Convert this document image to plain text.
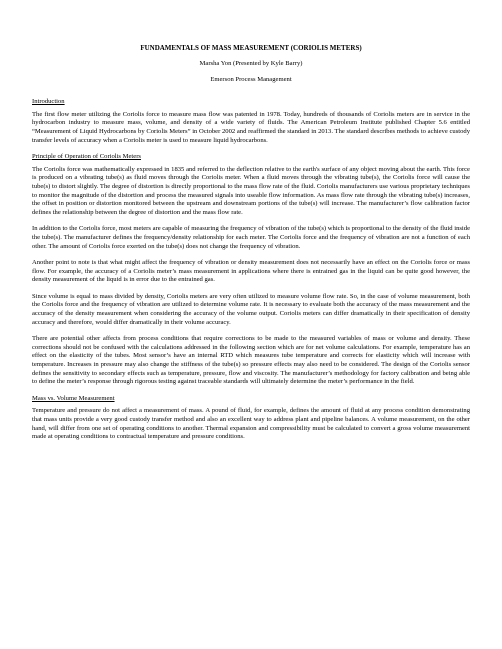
FUNDAMENTALS OF MASS MEASUREMENT (CORIOLIS METERS)
Marsha Yon (Presented by Kyle Barry)
Emerson Process Management
Introduction

The first flow meter utilizing the Coriolis force to measure mass flow was patented in 1978. Today, hundreds of thousands of Coriolis meters are in service in the hydrocarbon industry to measure mass, volume, and density of a wide variety of fluids. The American Petroleum Institute published Chapter 5.6 entitled “Measurement of Liquid Hydrocarbons by Coriolis Meters” in October 2002 and reaffirmed the standard in 2013. The standard describes methods to achieve custody transfer levels of accuracy when a Coriolis meter is used to measure liquid hydrocarbons.

Principle of Operation of Coriolis Meters

The Coriolis force was mathematically expressed in 1835 and referred to the deflection relative to the earth's surface of any object moving about the earth. This force is produced on a vibrating tube(s) as fluid moves through the Coriolis meter. When a fluid moves through the vibrating tube(s), the Coriolis force will cause the tube(s) to distort slightly. The degree of distortion is directly proportional to the mass flow rate of the fluid. Coriolis manufacturers use various proprietary techniques to monitor the magnitude of the distortion and process the measured signals into useable flow information. As mass flow rate through the vibrating tube(s) increases, the offset in position or distortion monitored between the upstream and downstream portions of the tube(s) will increase. The manufacturer’s flow calibration factor defines the relationship between the degree of distortion and the mass flow rate.

In addition to the Coriolis force, most meters are capable of measuring the frequency of vibration of the tube(s) which is proportional to the density of the fluid inside the tube(s). The manufacturer defines the frequency/density relationship for each meter. The Coriolis force and the frequency of vibration are not a function of each other. The amount of Coriolis force exerted on the tube(s) does not change the frequency of vibration.

Another point to note is that what might affect the frequency of vibration or density measurement does not necessarily have an effect on the Coriolis force or mass flow. For example, the accuracy of a Coriolis meter’s mass measurement in applications where there is entrained gas in the liquid can be quite good however, the density measurement of the liquid is in error due to the entrained gas.

Since volume is equal to mass divided by density, Coriolis meters are very often utilized to measure volume flow rate. So, in the case of volume measurement, both the Coriolis force and the frequency of vibration are utilized to determine volume rate. It is necessary to evaluate both the accuracy of the mass measurement and the accuracy of the density measurement when considering the accuracy of the volume output. Coriolis meters can differ dramatically in their specification of density accuracy and therefore, would differ dramatically in their volume accuracy.

There are potential other affects from process conditions that require corrections to be made to the measured variables of mass or volume and density. These corrections should not be confused with the calculations addressed in the following section which are for net volume calculations. For example, temperature has an effect on the elasticity of the tubes. Most sensor’s have an internal RTD which measures tube temperature and corrects for elasticity which will increase with temperature. Increases in pressure may also change the stiffness of the tube(s) so pressure effects may also need to be considered. The design of the Coriolis sensor defines the sensitivity to secondary effects such as temperature, pressure, flow and viscosity. The manufacturer’s methodology for factory calibration and being able to define the meter’s response through rigorous testing against traceable standards will ultimately determine the meter’s performance in the field.

Mass vs. Volume Measurement

Temperature and pressure do not affect a measurement of mass. A pound of fluid, for example, defines the amount of fluid at any process condition demonstrating that mass units provide a very good custody transfer method and also an excellent way to address plant and pipeline balances. A volume measurement, on the other hand, will differ from one set of operating conditions to another. Thermal expansion and compressibility must be calculated to convert a gross volume measurement made at operating conditions to contractual temperature and pressure conditions.
